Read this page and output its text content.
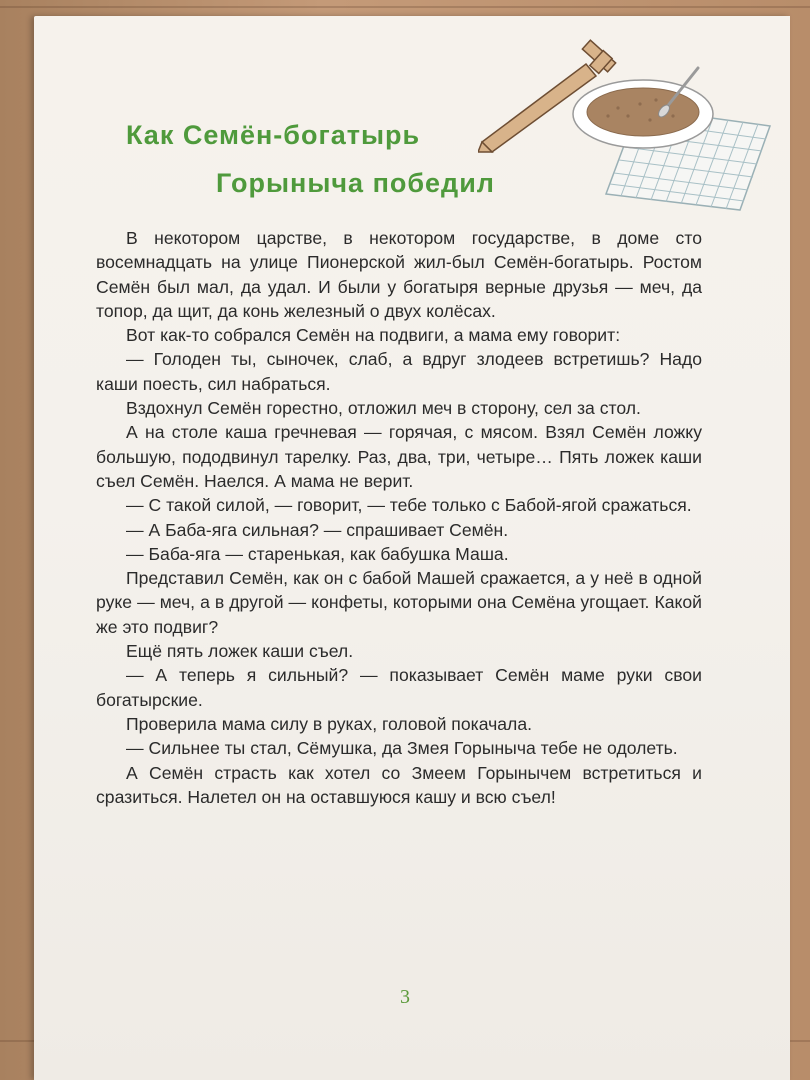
Как Семён-богатырь
Горыныча победил

В некотором царстве, в некотором государстве, в доме сто восемнадцать на улице Пионерской жил-был Семён-богатырь. Ростом Семён был мал, да удал. И были у богатыря верные друзья — меч, да топор, да щит, да конь железный о двух колёсах.

Вот как-то собрался Семён на подвиги, а мама ему говорит:

— Голоден ты, сыночек, слаб, а вдруг злодеев встретишь? Надо каши поесть, сил набраться.

Вздохнул Семён горестно, отложил меч в сторону, сел за стол.

А на столе каша гречневая — горячая, с мясом. Взял Семён ложку большую, пододвинул тарелку. Раз, два, три, четыре… Пять ложек каши съел Семён. Наелся. А мама не верит.

— С такой силой, — говорит, — тебе только с Бабой-ягой сражаться.

— А Баба-яга сильная? — спрашивает Семён.

— Баба-яга — старенькая, как бабушка Маша.

Представил Семён, как он с бабой Машей сражается, а у неё в одной руке — меч, а в другой — конфеты, которыми она Семёна угощает. Какой же это подвиг?

Ещё пять ложек каши съел.

— А теперь я сильный? — показывает Семён маме руки свои богатырские.

Проверила мама силу в руках, головой покачала.

— Сильнее ты стал, Сёмушка, да Змея Горыныча тебе не одолеть.

А Семён страсть как хотел со Змеем Горынычем встретиться и сразиться. Налетел он на оставшуюся кашу и всю съел!

3
